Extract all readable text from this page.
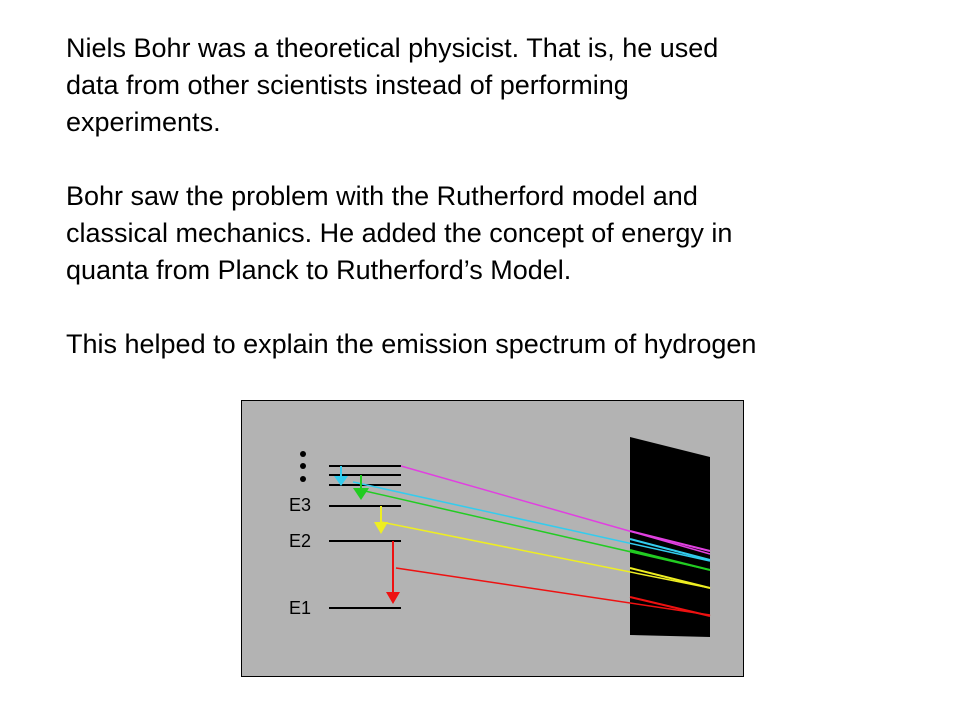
Niels Bohr was a theoretical physicist. That is, he used
data from other scientists instead of performing
experiments.

Bohr saw the problem with the Rutherford model and
classical mechanics. He added the concept of energy in
quanta from Planck to Rutherford’s Model.

This helped to explain the emission spectrum of hydrogen

E3
E2
E1
